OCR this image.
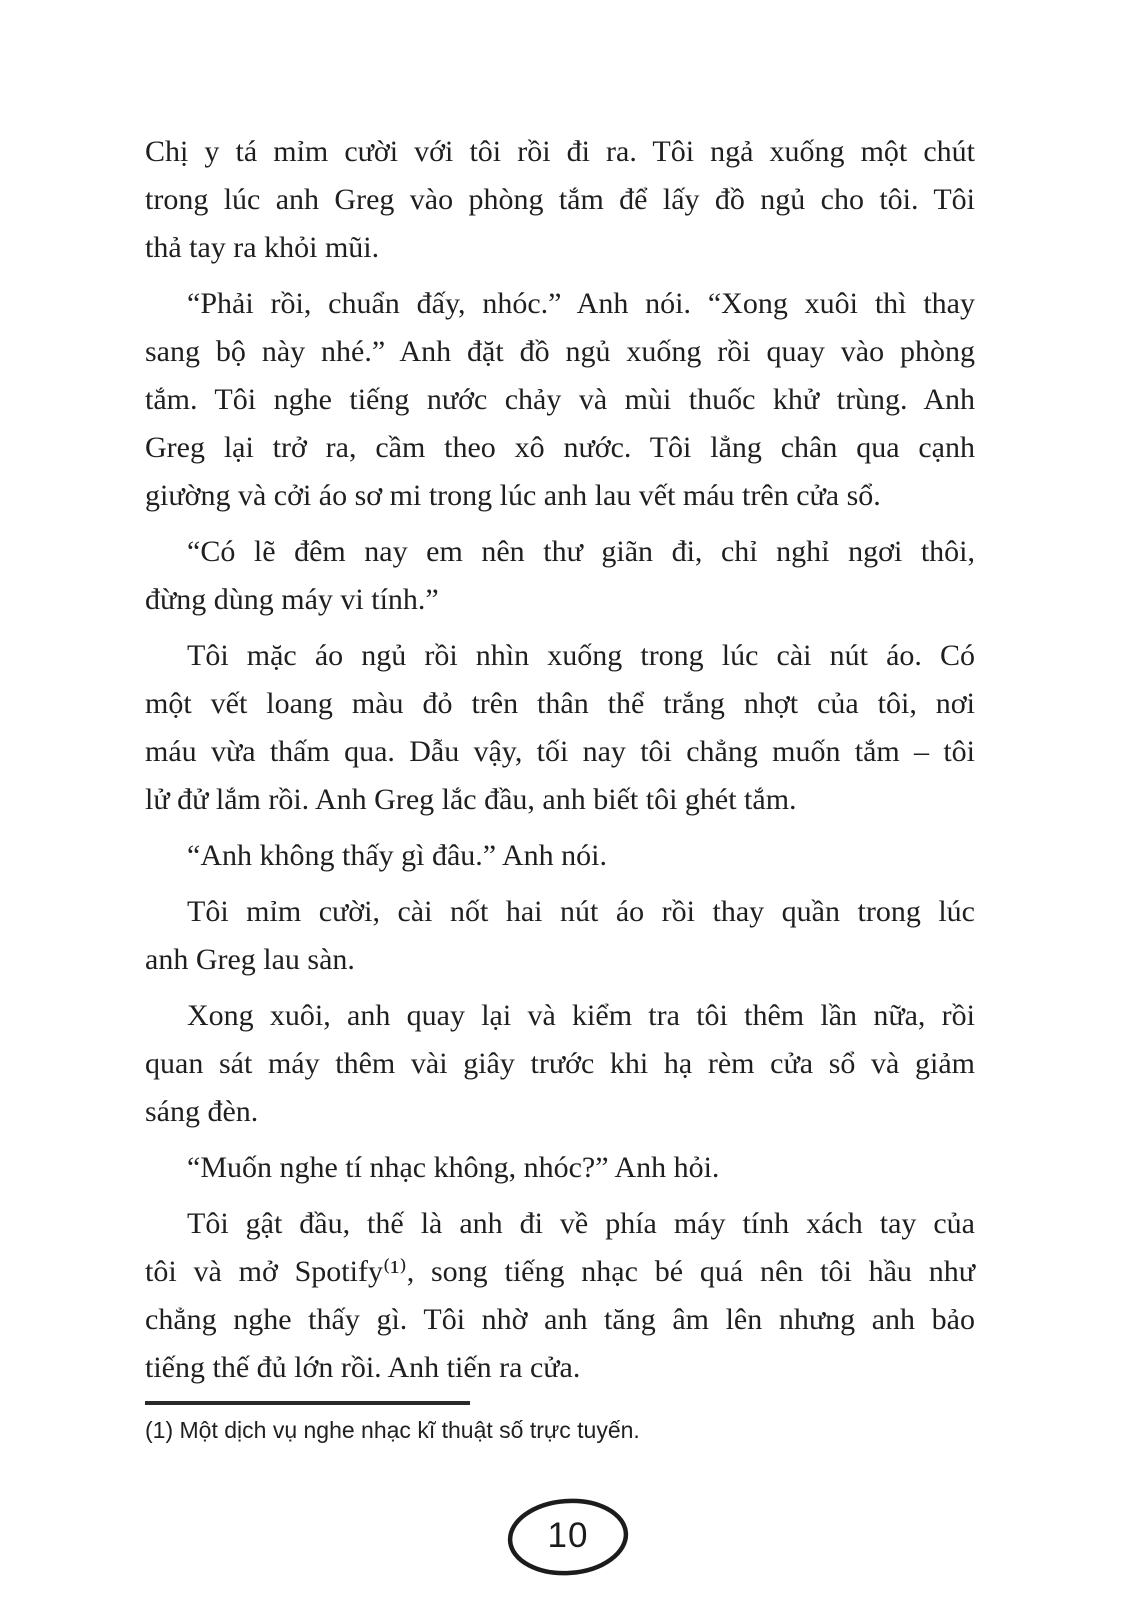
Chị y tá mỉm cười với tôi rồi đi ra. Tôi ngả xuống một chút
trong lúc anh Greg vào phòng tắm để lấy đồ ngủ cho tôi. Tôi
thả tay ra khỏi mũi.
“Phải rồi, chuẩn đấy, nhóc.” Anh nói. “Xong xuôi thì thay
sang bộ này nhé.” Anh đặt đồ ngủ xuống rồi quay vào phòng
tắm. Tôi nghe tiếng nước chảy và mùi thuốc khử trùng. Anh
Greg lại trở ra, cầm theo xô nước. Tôi lẳng chân qua cạnh
giường và cởi áo sơ mi trong lúc anh lau vết máu trên cửa sổ.
“Có lẽ đêm nay em nên thư giãn đi, chỉ nghỉ ngơi thôi,
đừng dùng máy vi tính.”
Tôi mặc áo ngủ rồi nhìn xuống trong lúc cài nút áo. Có
một vết loang màu đỏ trên thân thể trắng nhợt của tôi, nơi
máu vừa thấm qua. Dẫu vậy, tối nay tôi chẳng muốn tắm – tôi
lử đử lắm rồi. Anh Greg lắc đầu, anh biết tôi ghét tắm.
“Anh không thấy gì đâu.” Anh nói.
Tôi mỉm cười, cài nốt hai nút áo rồi thay quần trong lúc
anh Greg lau sàn.
Xong xuôi, anh quay lại và kiểm tra tôi thêm lần nữa, rồi
quan sát máy thêm vài giây trước khi hạ rèm cửa sổ và giảm
sáng đèn.
“Muốn nghe tí nhạc không, nhóc?” Anh hỏi.
Tôi gật đầu, thế là anh đi về phía máy tính xách tay của
tôi và mở Spotify⁽¹⁾, song tiếng nhạc bé quá nên tôi hầu như
chẳng nghe thấy gì. Tôi nhờ anh tăng âm lên nhưng anh bảo
tiếng thế đủ lớn rồi. Anh tiến ra cửa.
(1) Một dịch vụ nghe nhạc kĩ thuật số trực tuyến.
10
